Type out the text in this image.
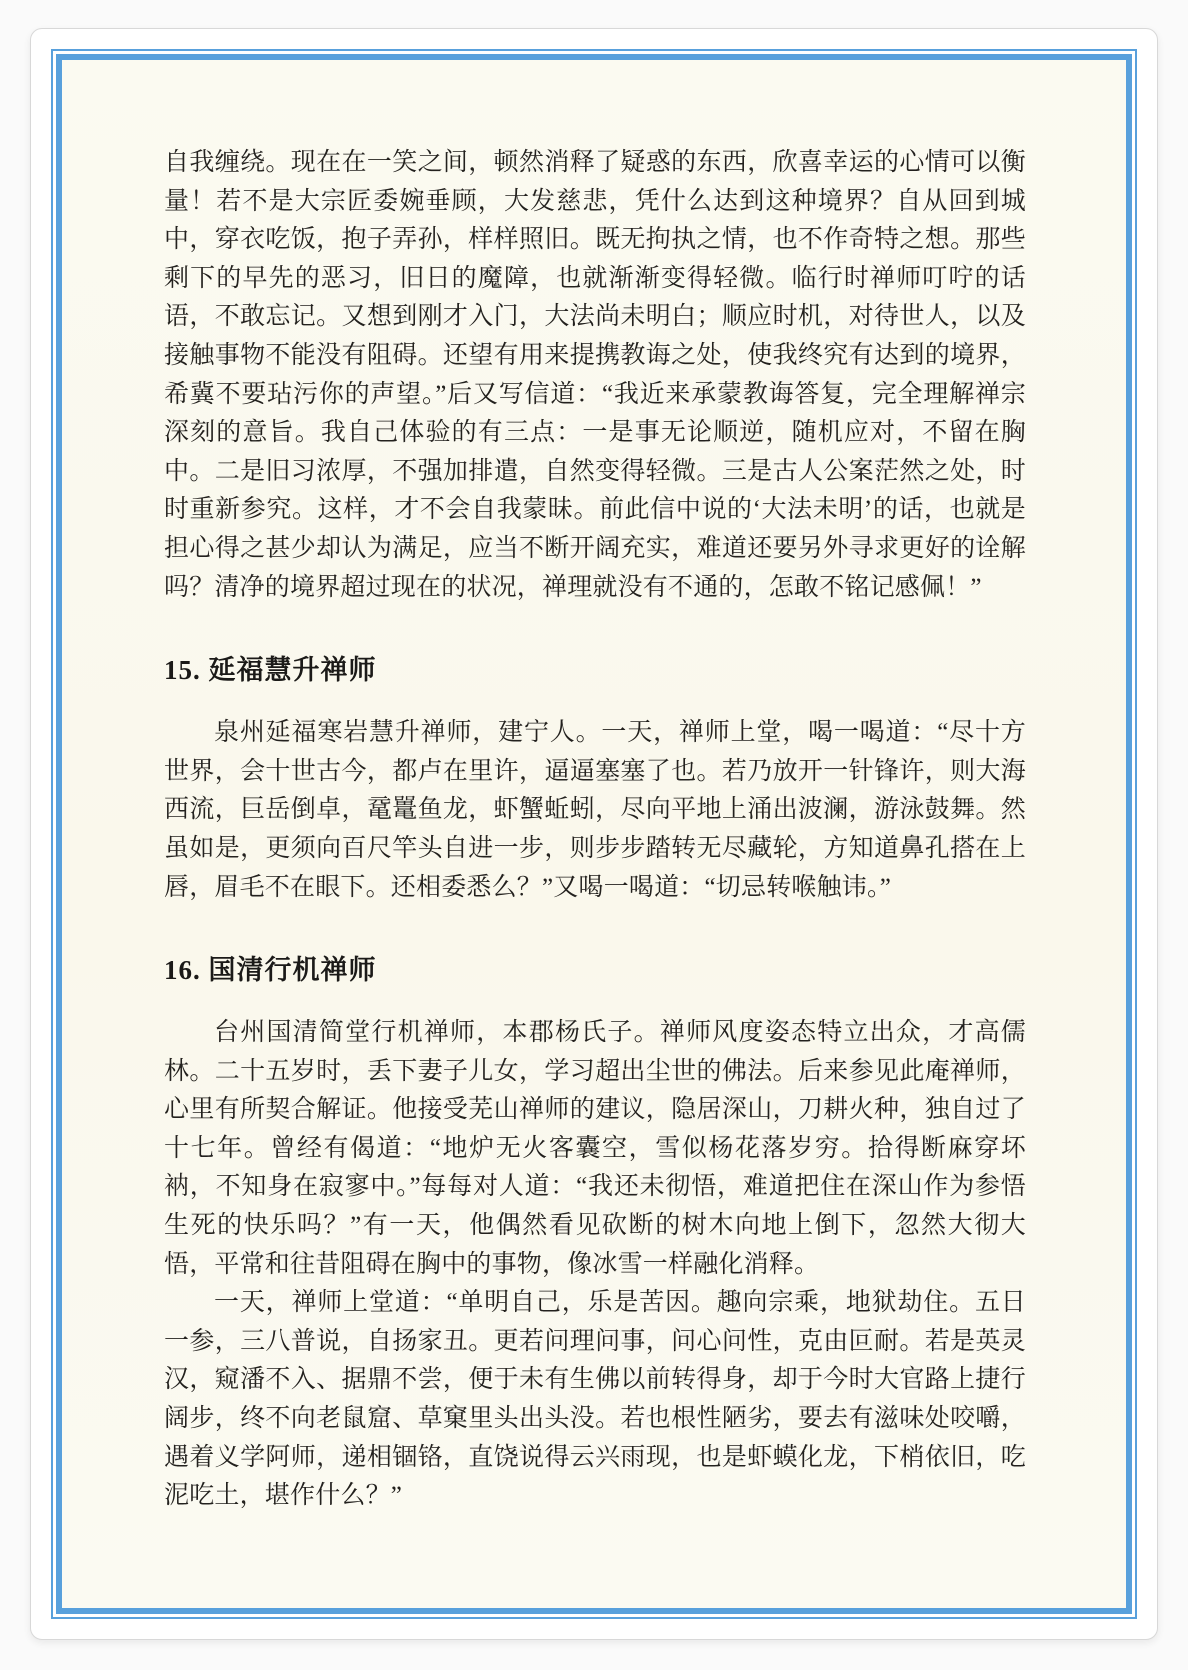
自我缠绕。现在在一笑之间，顿然消释了疑惑的东西，欣喜幸运的心情可以衡量！若不是大宗匠委婉垂顾，大发慈悲，凭什么达到这种境界？自从回到城中，穿衣吃饭，抱子弄孙，样样照旧。既无拘执之情，也不作奇特之想。那些剩下的早先的恶习，旧日的魔障，也就渐渐变得轻微。临行时禅师叮咛的话语，不敢忘记。又想到刚才入门，大法尚未明白；顺应时机，对待世人，以及接触事物不能没有阻碍。还望有用来提携教诲之处，使我终究有达到的境界，希冀不要玷污你的声望。”后又写信道：“我近来承蒙教诲答复，完全理解禅宗深刻的意旨。我自己体验的有三点：一是事无论顺逆，随机应对，不留在胸中。二是旧习浓厚，不强加排遣，自然变得轻微。三是古人公案茫然之处，时时重新参究。这样，才不会自我蒙昧。前此信中说的‘大法未明’的话，也就是担心得之甚少却认为满足，应当不断开阔充实，难道还要另外寻求更好的诠解吗？清净的境界超过现在的状况，禅理就没有不通的，怎敢不铭记感佩！”

15. 延福慧升禅师

泉州延福寒岩慧升禅师，建宁人。一天，禅师上堂，喝一喝道：“尽十方世界，会十世古今，都卢在里许，逼逼塞塞了也。若乃放开一针锋许，则大海西流，巨岳倒卓，鼋鼍鱼龙，虾蟹蚯蚓，尽向平地上涌出波澜，游泳鼓舞。然虽如是，更须向百尺竿头自进一步，则步步踏转无尽藏轮，方知道鼻孔搭在上唇，眉毛不在眼下。还相委悉么？”又喝一喝道：“切忌转喉触讳。”

16. 国清行机禅师

台州国清简堂行机禅师，本郡杨氏子。禅师风度姿态特立出众，才高儒林。二十五岁时，丢下妻子儿女，学习超出尘世的佛法。后来参见此庵禅师，心里有所契合解证。他接受芜山禅师的建议，隐居深山，刀耕火种，独自过了十七年。曾经有偈道：“地炉无火客囊空，雪似杨花落岁穷。拾得断麻穿坏衲，不知身在寂寥中。”每每对人道：“我还未彻悟，难道把住在深山作为参悟生死的快乐吗？”有一天，他偶然看见砍断的树木向地上倒下，忽然大彻大悟，平常和往昔阻碍在胸中的事物，像冰雪一样融化消释。

一天，禅师上堂道：“单明自己，乐是苦因。趣向宗乘，地狱劫住。五日一参，三八普说，自扬家丑。更若问理问事，问心问性，克由叵耐。若是英灵汉，窥潘不入、据鼎不尝，便于未有生佛以前转得身，却于今时大官路上捷行阔步，终不向老鼠窟、草窠里头出头没。若也根性陋劣，要去有滋味处咬嚼，遇着义学阿师，递相锢铬，直饶说得云兴雨现，也是虾蟆化龙，下梢依旧，吃泥吃土，堪作什么？”
